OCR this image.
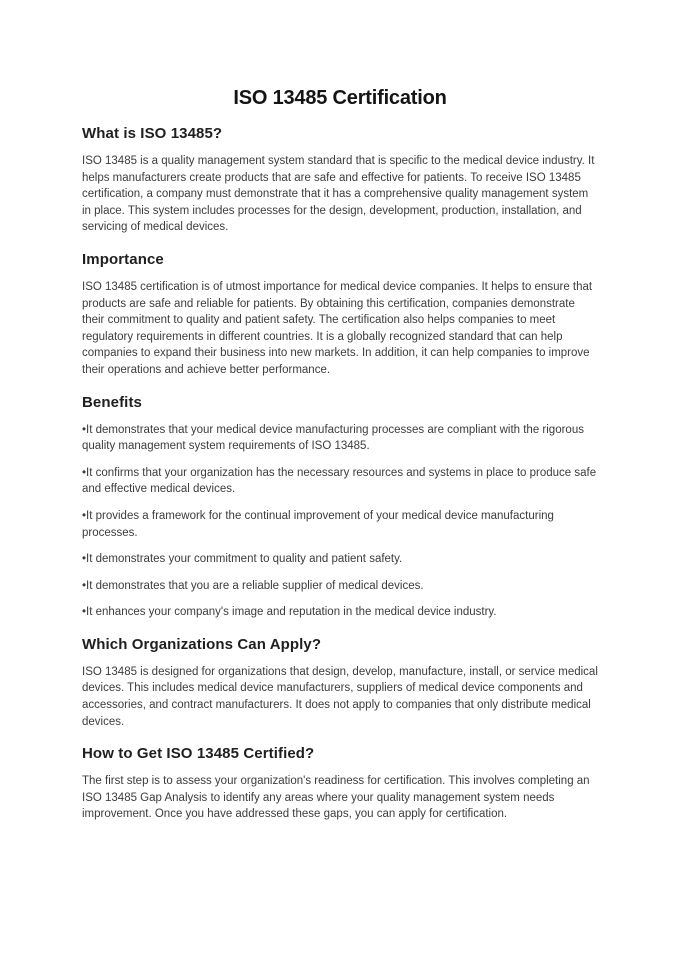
ISO 13485 Certification
What is ISO 13485?

ISO 13485 is a quality management system standard that is specific to the medical device industry. It helps manufacturers create products that are safe and effective for patients. To receive ISO 13485 certification, a company must demonstrate that it has a comprehensive quality management system in place. This system includes processes for the design, development, production, installation, and servicing of medical devices.

Importance

ISO 13485 certification is of utmost importance for medical device companies. It helps to ensure that products are safe and reliable for patients. By obtaining this certification, companies demonstrate their commitment to quality and patient safety. The certification also helps companies to meet regulatory requirements in different countries. It is a globally recognized standard that can help companies to expand their business into new markets. In addition, it can help companies to improve their operations and achieve better performance.

Benefits

•It demonstrates that your medical device manufacturing processes are compliant with the rigorous quality management system requirements of ISO 13485.

•It confirms that your organization has the necessary resources and systems in place to produce safe and effective medical devices.

•It provides a framework for the continual improvement of your medical device manufacturing processes.

•It demonstrates your commitment to quality and patient safety.

•It demonstrates that you are a reliable supplier of medical devices.

•It enhances your company's image and reputation in the medical device industry.

Which Organizations Can Apply?

ISO 13485 is designed for organizations that design, develop, manufacture, install, or service medical devices. This includes medical device manufacturers, suppliers of medical device components and accessories, and contract manufacturers. It does not apply to companies that only distribute medical devices.

How to Get ISO 13485 Certified?

The first step is to assess your organization's readiness for certification. This involves completing an ISO 13485 Gap Analysis to identify any areas where your quality management system needs improvement. Once you have addressed these gaps, you can apply for certification.
